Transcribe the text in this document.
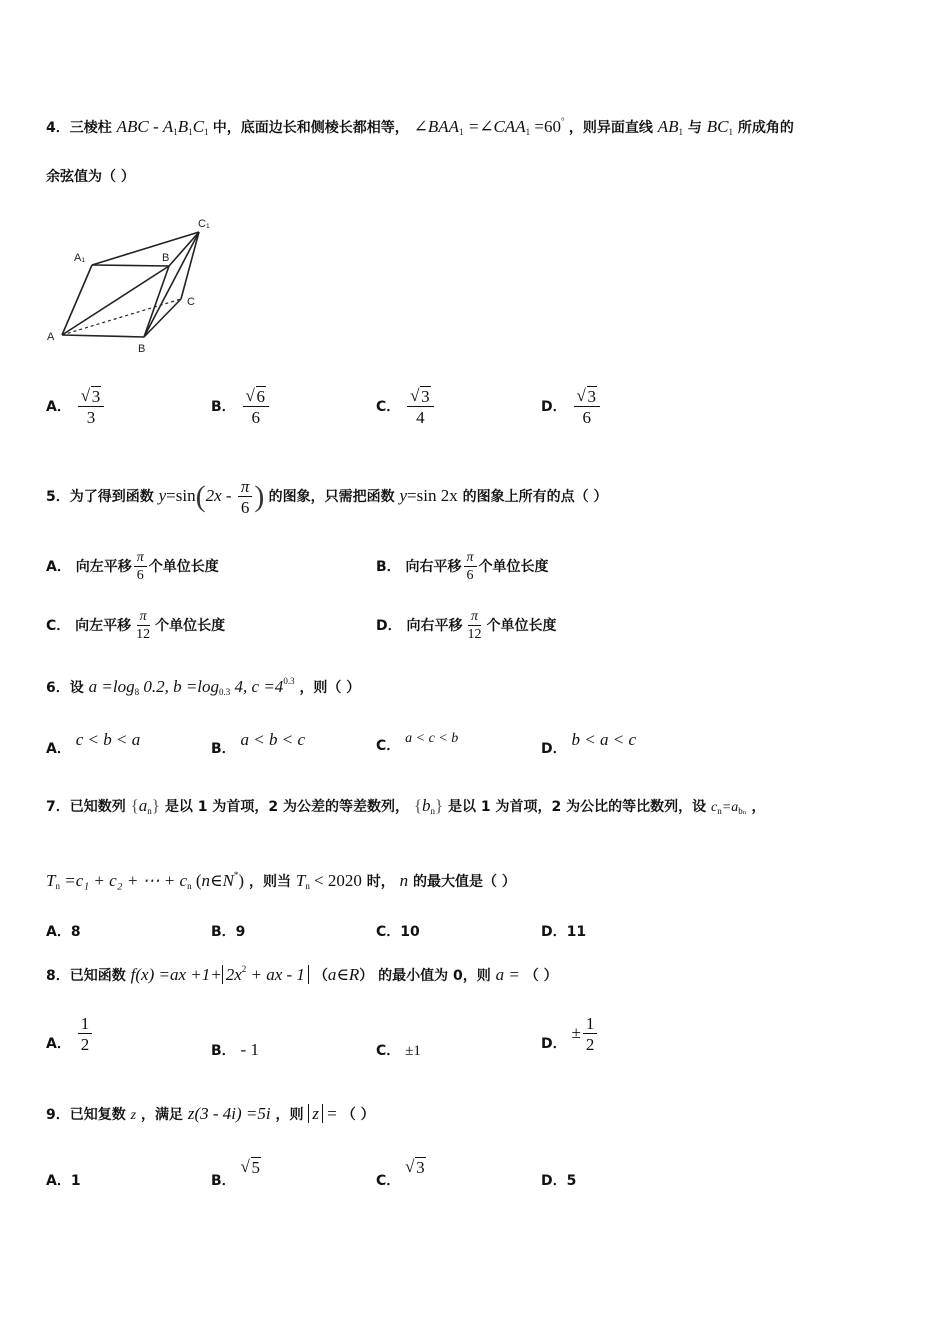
4．三棱柱 ABC - $A_1B_1C_1$ 中，底面边长和侧棱长都相等， $\angle BAA_1$ $=\angle CAA_1 =60^\circ$ ，则异面直线 $AB_1$ 与 $BC_1$ 所成角的
余弦值为（ ）
A₁	B
C₁
C
A
B
A． √ $\frac{3}{3}$	B． √ $\frac{6}{6}$	C． √ $\frac{3}{4}$	D． √ $\frac{3}{6}$
5．为了得到函数 $y=\sin(2x - \frac{\pi}{6}$ ) 的图象，只需把函数 y=sin 2x 的图象上所有的点（ ）
A． 向左平移 $\frac{\pi}{6}$ 个单位长度	B． 向右平移 $\frac{\pi}{6}$ 个单位长度
C． 向左平移 $\frac{\pi}{12}$ 个单位长度	D． 向右平移 $\frac{\pi}{12}$ 个单位长度
6．设 $a =\log_8$ 0.2, $b =\log_{0.3}$ 4, $c =4^{0.3}$ ，则（ ）
A． c < b < a	B． a < b < c	C． a < c < b
D． b < a < c
7．已知数列 $\{a_n\}$ 是以 1 为首项，2 为公差的等差数列， $\{b_n\}$ 是以 1 为首项，2 为公比的等比数列，设 $c_n=a_{b_n}$ ，
$T_n =c_1 + c_2$ + ⋯ + $c_n$ (n∈N*) ，则当 $T_n < 2020$ 时， n 的最大值是（ ）
A．8	B．9	C．10	D．11
8．已知函数 $f(x) =ax +1+ 2x^2$ + ax - 1 （a∈R） 的最小值为 0，则 a = （ ）
A． $\frac{1}{2}$	B． - 1	C． ±1	D． ± $\frac{1}{2}$
9．已知复数 z ，满足 z(3 - 4i) =5i ，则 z = （ ）
A．1	B． √ 5
C． √ 3
D．5
